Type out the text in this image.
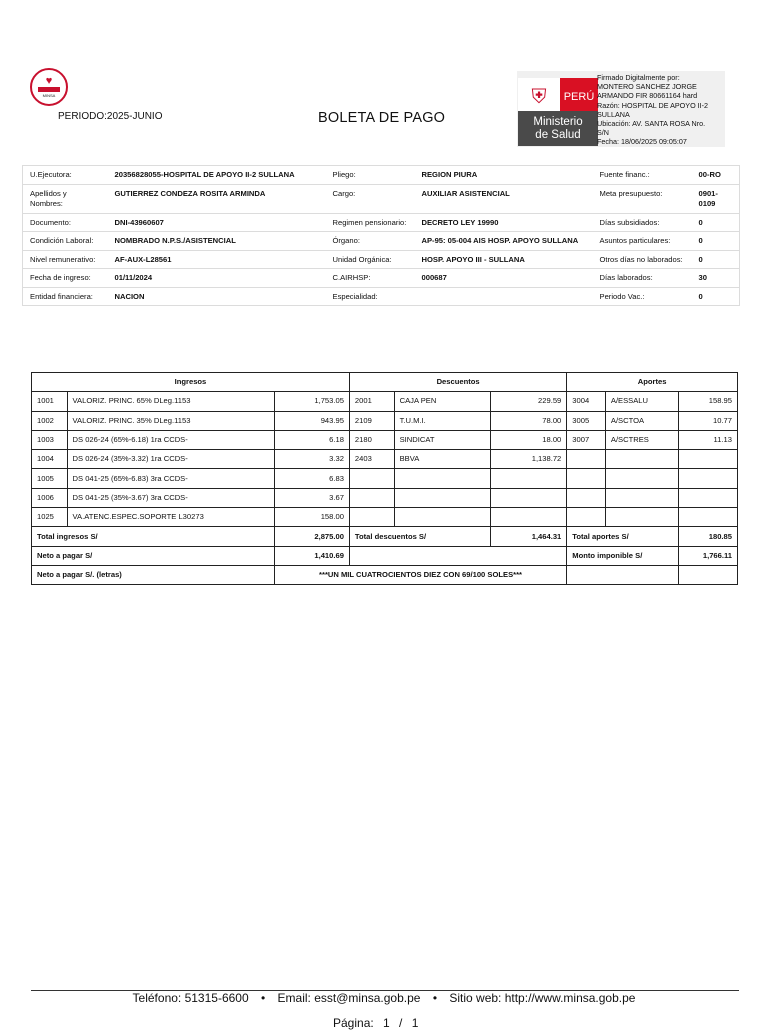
♥
MINSA
PERIODO:2025-JUNIO	BOLETA DE PAGO
⛨	PERÚ
Ministerio
de Salud
Firmado Digitalmente por:
MONTERO SANCHEZ JORGE
ARMANDO FIR 80661164 hard
Razón: HOSPITAL DE APOYO II-2
SULLANA
Ubicación: AV. SANTA ROSA Nro.
S/N
Fecha: 18/06/2025 09:05:07
U.Ejecutora:	20356828055-HOSPITAL DE APOYO II-2 SULLANA	Pliego:	REGION PIURA	Fuente financ.:	00-RO
Apellidos y Nombres:	GUTIERREZ CONDEZA ROSITA ARMINDA	Cargo:	AUXILIAR ASISTENCIAL	Meta presupuesto:	0901-0109
Documento:	DNI-43960607	Regimen pensionario:	DECRETO LEY 19990	Días subsidiados:	0
Condición Laboral:	NOMBRADO N.P.S./ASISTENCIAL	Órgano:	AP-95: 05-004 AIS HOSP. APOYO SULLANA	Asuntos particulares:	0
Nivel remunerativo:	AF-AUX-L28561	Unidad Orgánica:	HOSP. APOYO III - SULLANA	Otros días no laborados:	0
Fecha de ingreso:	01/11/2024	C.AIRHSP:	000687	Días laborados:	30
Entidad financiera:	NACION	Especialidad:		Periodo Vac.:	0
Ingresos			Descuentos			Aportes		
1001	VALORIZ. PRINC. 65% DLeg.1153	1,753.05	2001	CAJA PEN	229.59	3004	A/ESSALU	158.95
1002	VALORIZ. PRINC. 35% DLeg.1153	943.95	2109	T.U.M.I.	78.00	3005	A/SCTOA	10.77
1003	DS 026-24 (65%-6.18) 1ra CCDS-	6.18	2180	SINDICAT	18.00	3007	A/SCTRES	11.13
1004	DS 026-24 (35%-3.32) 1ra CCDS-	3.32	2403	BBVA	1,138.72			
1005	DS 041-25 (65%-6.83) 3ra CCDS-	6.83						
1006	DS 041-25 (35%-3.67) 3ra CCDS-	3.67						
1025	VA.ATENC.ESPEC.SOPORTE L30273	158.00						
Total ingresos S/		2,875.00	Total descuentos S/		1,464.31	Total aportes S/		180.85
Neto a pagar S/		1,410.69				Monto imponible S/		1,766.11
Neto a pagar S/. (letras)		***UN MIL CUATROCIENTOS DIEZ CON 69/100 SOLES***						
Teléfono: 51315-6600 • Email: esst@minsa.gob.pe • Sitio web: http://www.minsa.gob.pe
Página: 1 / 1
